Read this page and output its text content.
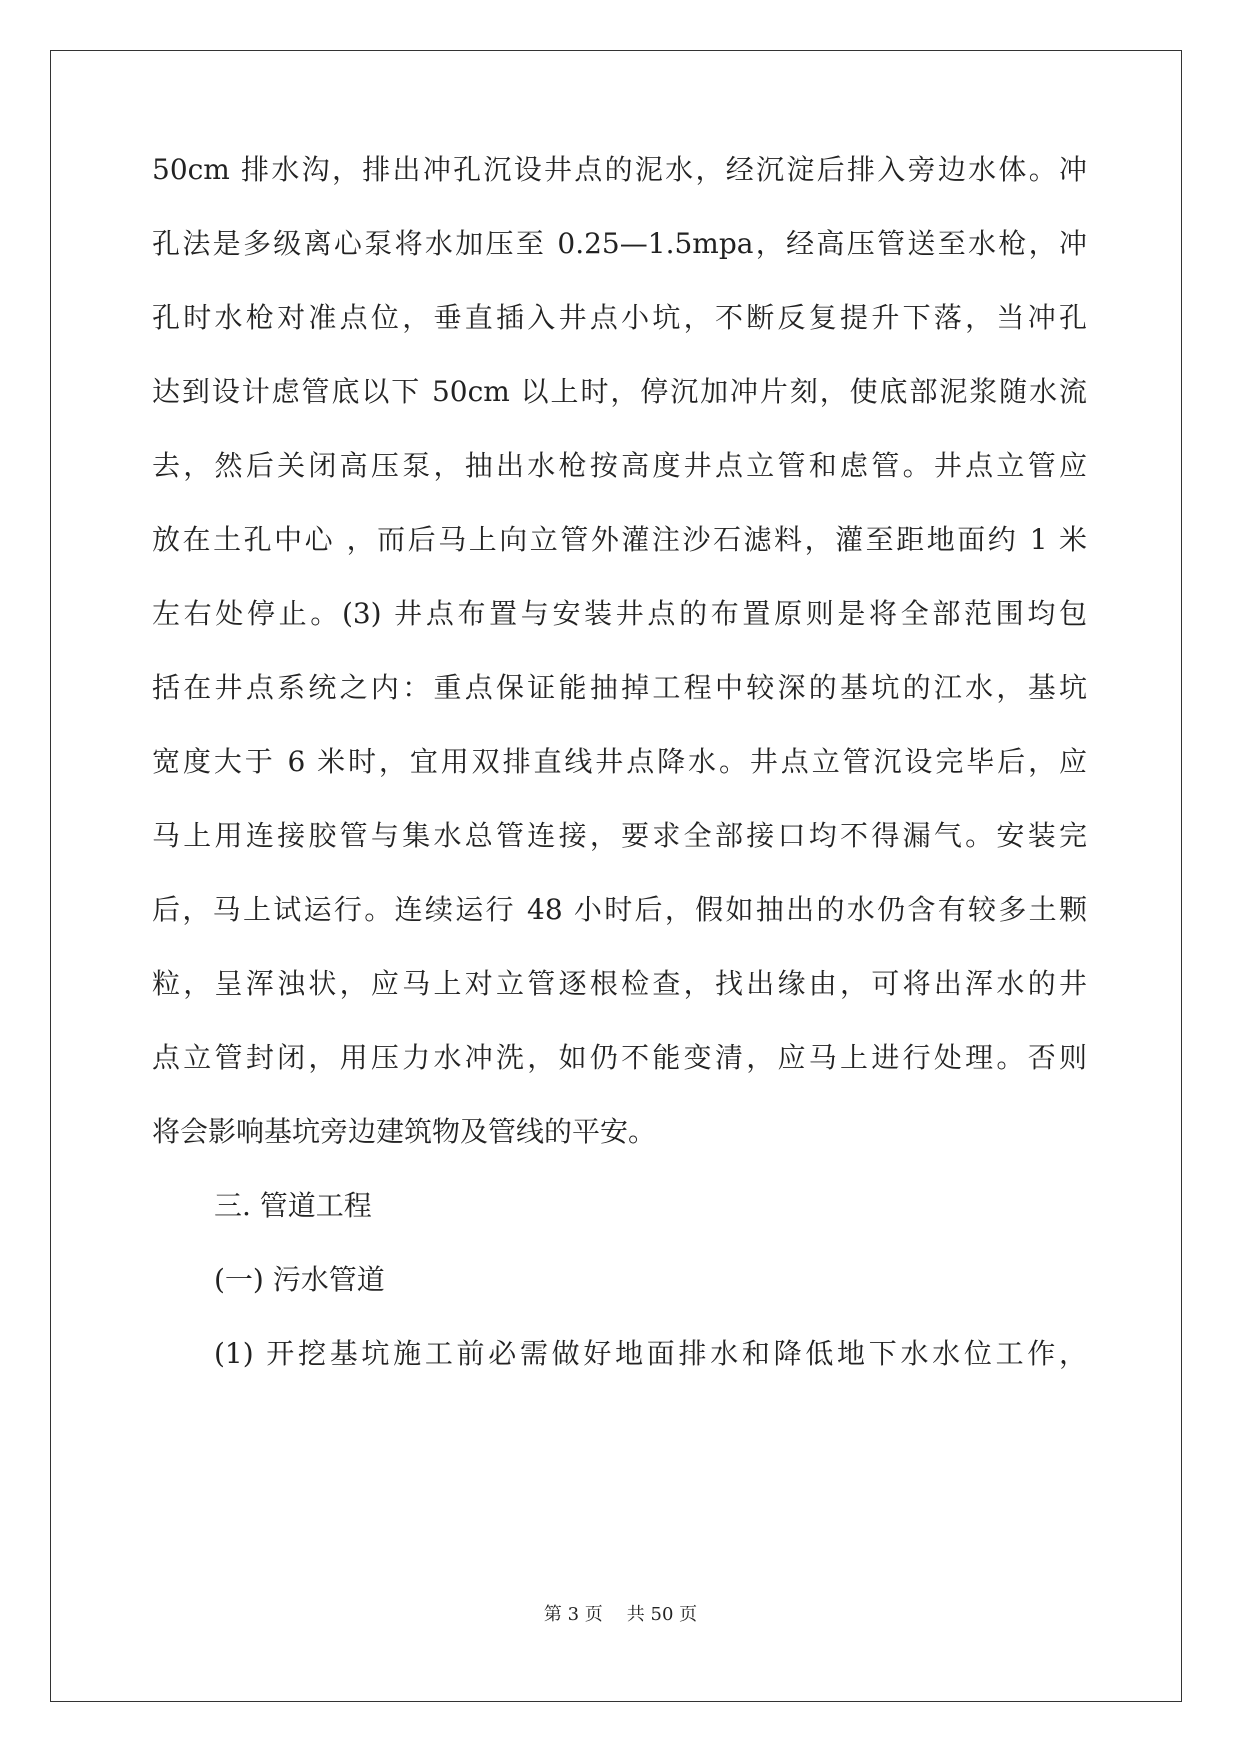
50cm 排水沟，排出冲孔沉设井点的泥水，经沉淀后排入旁边水体。冲
孔法是多级离心泵将水加压至 0.25—1.5mpa，经高压管送至水枪，冲
孔时水枪对准点位，垂直插入井点小坑，不断反复提升下落，当冲孔
达到设计虑管底以下 50cm 以上时，停沉加冲片刻，使底部泥浆随水流
去，然后关闭高压泵，抽出水枪按高度井点立管和虑管。井点立管应
放在土孔中心 ，而后马上向立管外灌注沙石滤料，灌至距地面约 1 米
左右处停止。(3) 井点布置与安装井点的布置原则是将全部范围均包
括在井点系统之内：重点保证能抽掉工程中较深的基坑的江水，基坑
宽度大于 6 米时，宜用双排直线井点降水。井点立管沉设完毕后，应
马上用连接胶管与集水总管连接，要求全部接口均不得漏气。安装完
后，马上试运行。连续运行 48 小时后，假如抽出的水仍含有较多土颗
粒，呈浑浊状，应马上对立管逐根检查，找出缘由，可将出浑水的井
点立管封闭，用压力水冲洗，如仍不能变清，应马上进行处理。否则
将会影响基坑旁边建筑物及管线的平安。
三. 管道工程
(一) 污水管道
(1) 开挖基坑施工前必需做好地面排水和降低地下水水位工作，
第 3 页 共 50 页
